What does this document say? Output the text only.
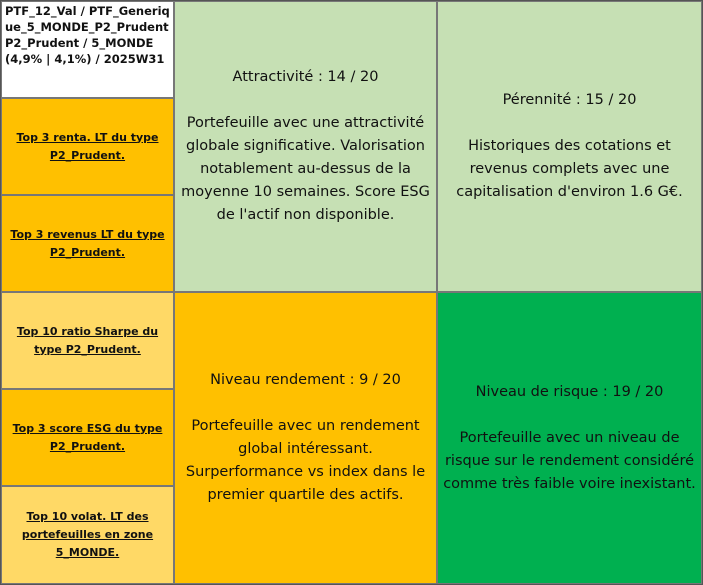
PTF_12_Val / PTF_Generique_5_MONDE_P2_Prudent P2_Prudent / 5_MONDE (4,9% | 4,1%) / 2025W31
Top 3 renta. LT du type P2_Prudent.
Top 3 revenus LT du type P2_Prudent.
Top 10 ratio Sharpe du type P2_Prudent.
Top 3 score ESG du type P2_Prudent.
Top 10 volat. LT des portefeuilles en zone 5_MONDE.
Attractivité : 14 / 20
Portefeuille avec une attractivité globale significative. Valorisation notablement au-dessus de la moyenne 10 semaines. Score ESG de l'actif non disponible.
Pérennité : 15 / 20
Historiques des cotations et revenus complets avec une capitalisation d'environ 1.6 G€.
Niveau rendement : 9 / 20
Portefeuille avec un rendement global intéressant. Surperformance vs index dans le premier quartile des actifs.
Niveau de risque : 19 / 20
Portefeuille avec un niveau de risque sur le rendement considéré comme très faible voire inexistant.
